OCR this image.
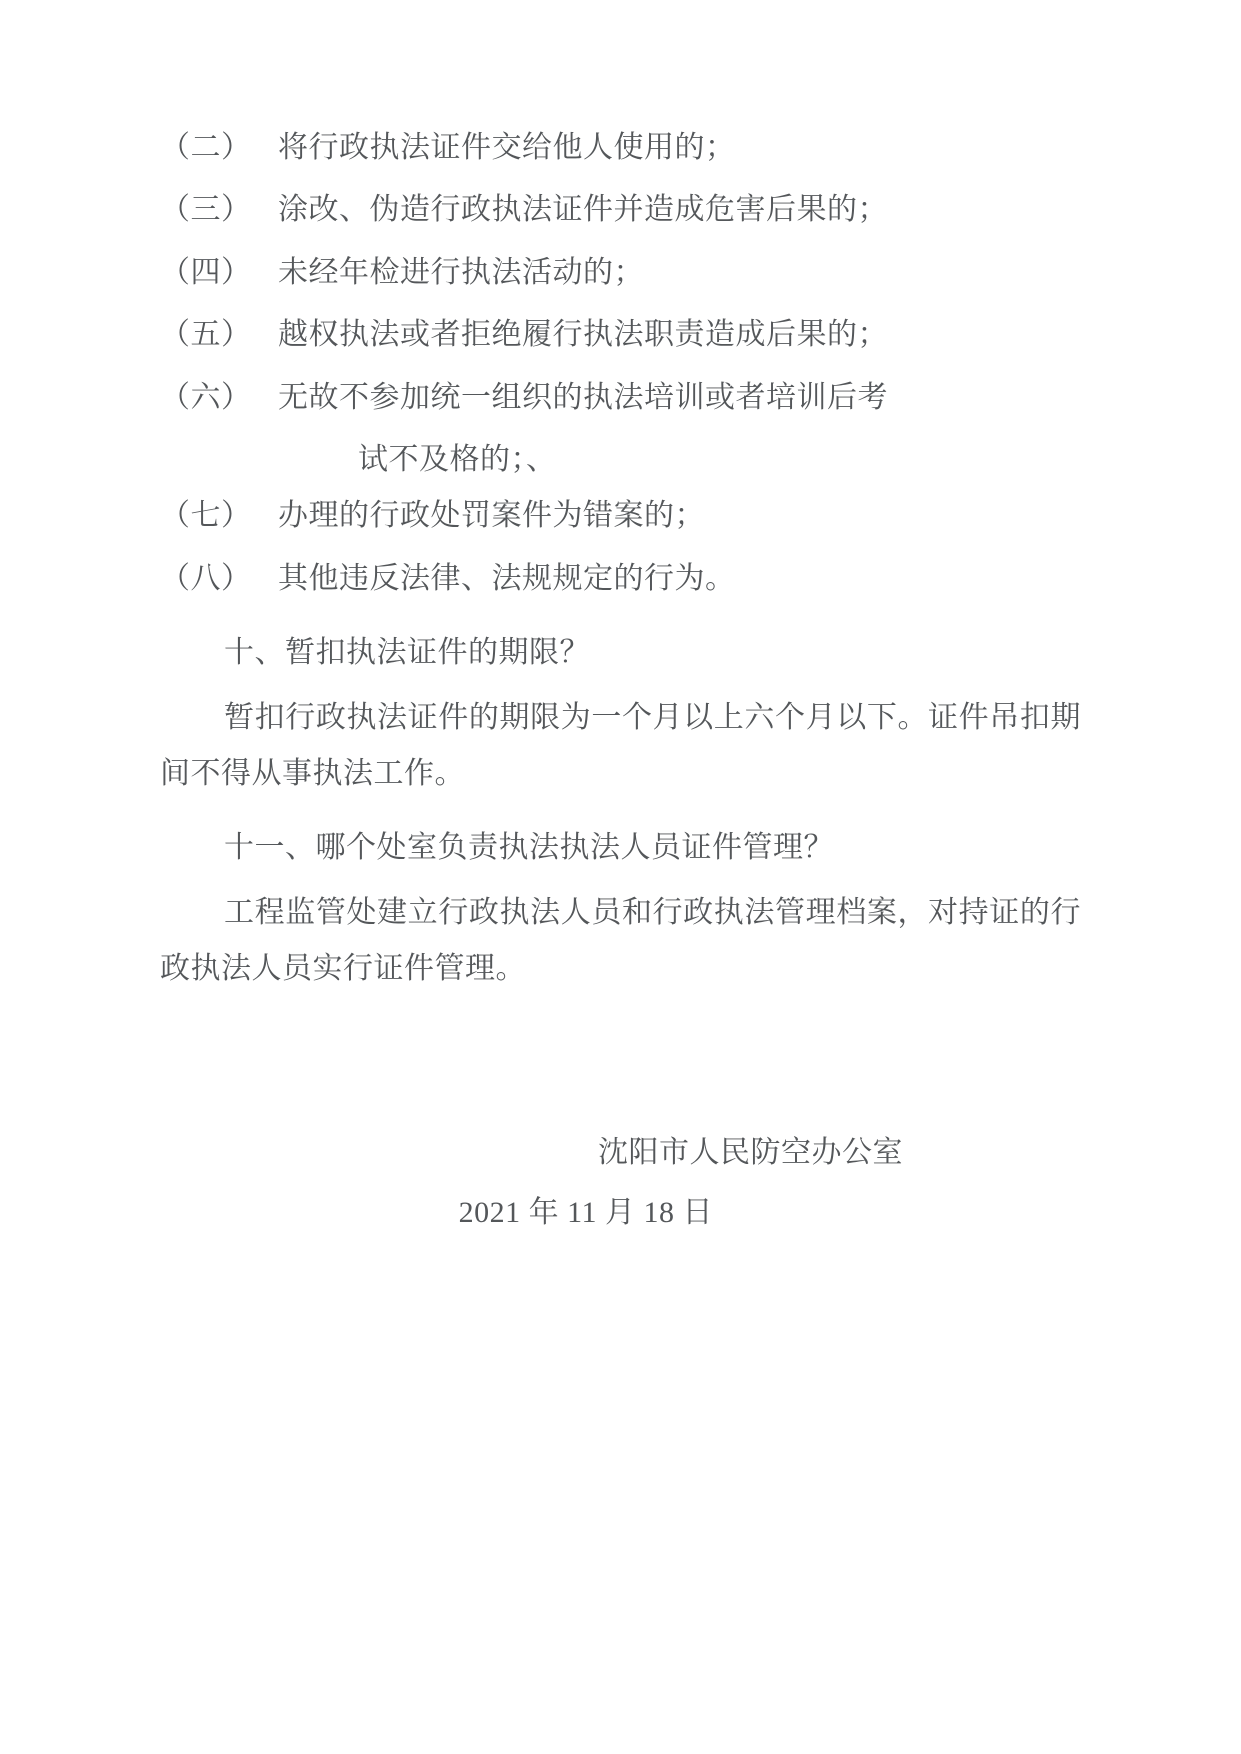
（二） 将行政执法证件交给他人使用的；
（三） 涂改、伪造行政执法证件并造成危害后果的；
（四） 未经年检进行执法活动的；
（五） 越权执法或者拒绝履行执法职责造成后果的；
（六） 无故不参加统一组织的执法培训或者培训后考
试不及格的；、
（七） 办理的行政处罚案件为错案的；
（八） 其他违反法律、法规规定的行为。
十、暂扣执法证件的期限？
暂扣行政执法证件的期限为一个月以上六个月以下。证件吊扣期间不得从事执法工作。
十一、哪个处室负责执法执法人员证件管理？
工程监管处建立行政执法人员和行政执法管理档案，对持证的行政执法人员实行证件管理。
沈阳市人民防空办公室
2021 年 11 月 18 日
